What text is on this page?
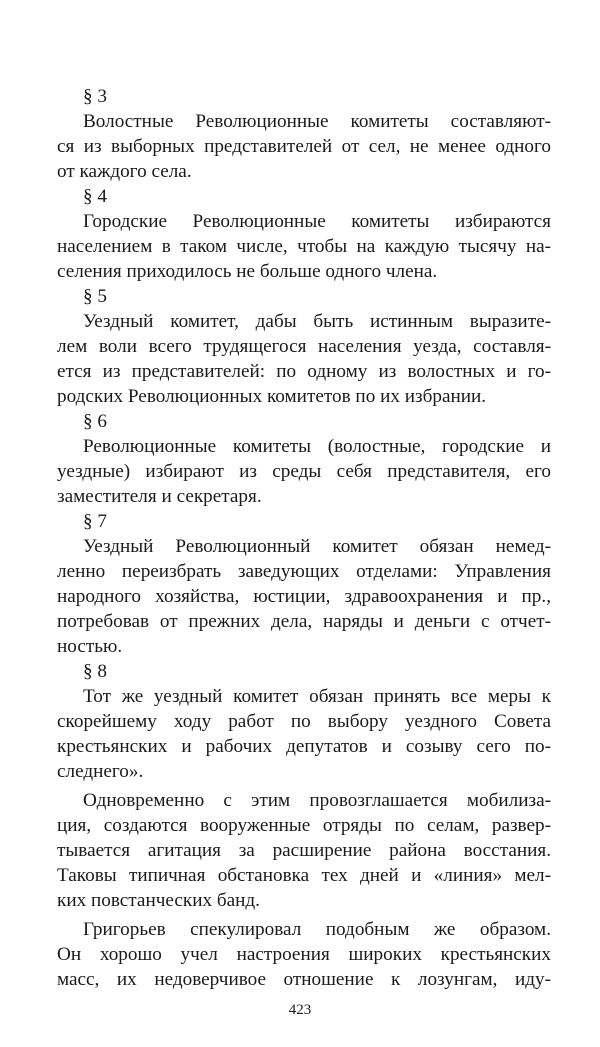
§ 3
Волостные Революционные комитеты составляют-
ся из выборных представителей от сел, не менее одного
от каждого села.
§ 4
Городские Революционные комитеты избираются
населением в таком числе, чтобы на каждую тысячу на-
селения приходилось не больше одного члена.
§ 5
Уездный комитет, дабы быть истинным выразите-
лем воли всего трудящегося населения уезда, составля-
ется из представителей: по одному из волостных и го-
родских Революционных комитетов по их избрании.
§ 6
Революционные комитеты (волостные, городские и
уездные) избирают из среды себя представителя, его
заместителя и секретаря.
§ 7
Уездный Революционный комитет обязан немед-
ленно переизбрать заведующих отделами: Управления
народного хозяйства, юстиции, здравоохранения и пр.,
потребовав от прежних дела, наряды и деньги с отчет-
ностью.
§ 8
Тот же уездный комитет обязан принять все меры к
скорейшему ходу работ по выбору уездного Совета
крестьянских и рабочих депутатов и созыву сего по-
следнего».
Одновременно с этим провозглашается мобилиза-
ция, создаются вооруженные отряды по селам, развер-
тывается агитация за расширение района восстания.
Таковы типичная обстановка тех дней и «линия» мел-
ких повстанческих банд.
Григорьев спекулировал подобным же образом.
Он хорошо учел настроения широких крестьянских
масс, их недоверчивое отношение к лозунгам, иду-
423
